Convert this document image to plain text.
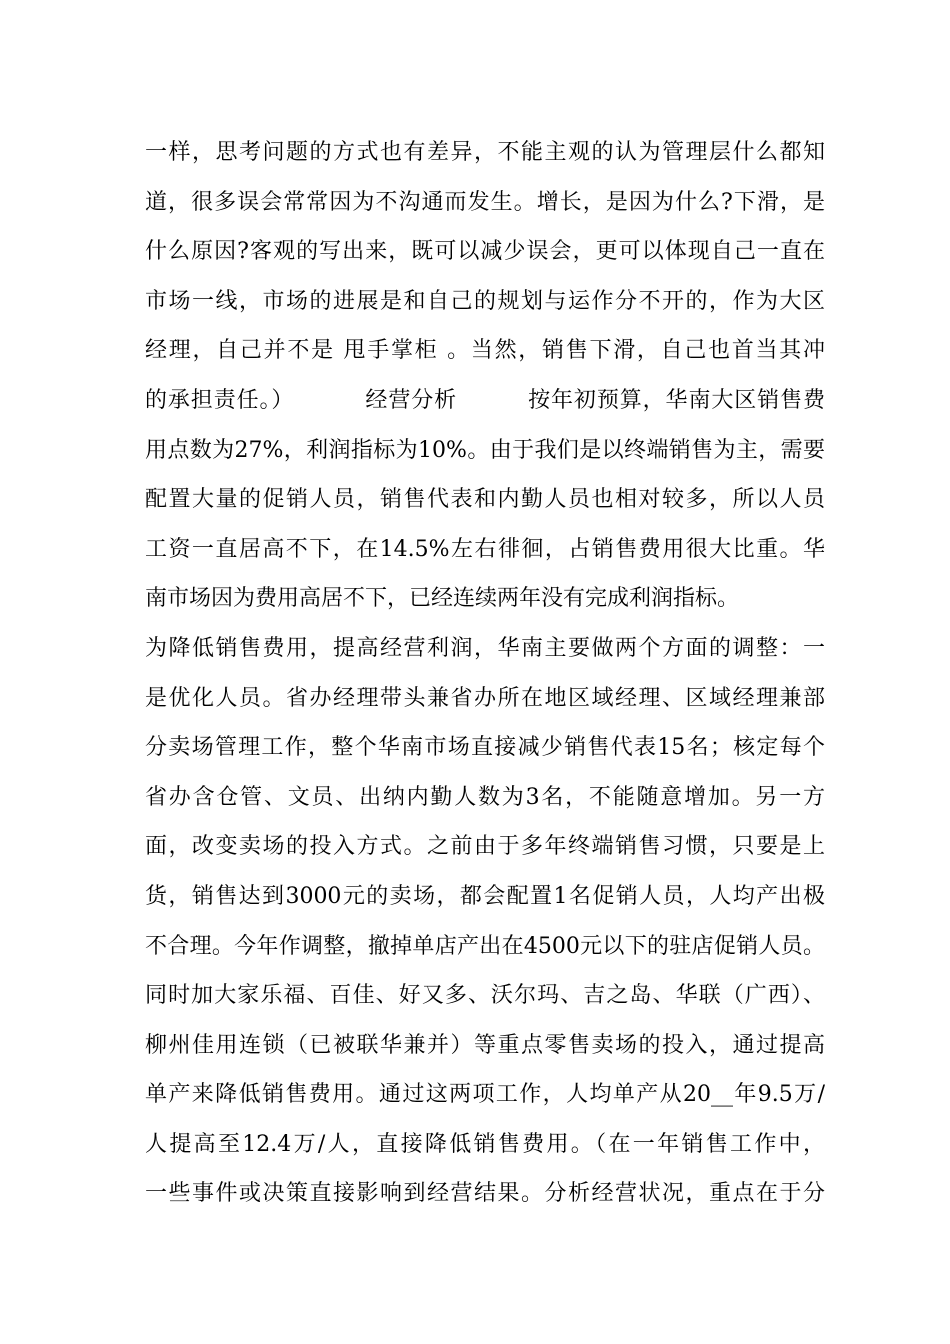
一样，思考问题的方式也有差异，不能主观的认为管理层什么都知
道，很多误会常常因为不沟通而发生。增长，是因为什么?下滑，是
什么原因?客观的写出来，既可以减少误会，更可以体现自己一直在
市场一线，市场的进展是和自己的规划与运作分不开的，作为大区
经理，自己并不是 甩手掌柜 。当然，销售下滑，自己也首当其冲
的承担责任。）         经营分析         按年初预算，华南大区销售费
用点数为27%，利润指标为10%。由于我们是以终端销售为主，需要
配置大量的促销人员，销售代表和内勤人员也相对较多，所以人员
工资一直居高不下，在14.5%左右徘徊，占销售费用很大比重。华
南市场因为费用高居不下，已经连续两年没有完成利润指标。
为降低销售费用，提高经营利润，华南主要做两个方面的调整：一
是优化人员。省办经理带头兼省办所在地区域经理、区域经理兼部
分卖场管理工作，整个华南市场直接减少销售代表15名；核定每个
省办含仓管、文员、出纳内勤人数为3名，不能随意增加。另一方
面，改变卖场的投入方式。之前由于多年终端销售习惯，只要是上
货，销售达到3000元的卖场，都会配置1名促销人员，人均产出极
不合理。今年作调整，撤掉单店产出在4500元以下的驻店促销人员。
同时加大家乐福、百佳、好又多、沃尔玛、吉之岛、华联（广西）、
柳州佳用连锁（已被联华兼并）等重点零售卖场的投入，通过提高
单产来降低销售费用。通过这两项工作，人均单产从20__年9.5万/
人提高至12.4万/人，直接降低销售费用。（在一年销售工作中，
一些事件或决策直接影响到经营结果。分析经营状况，重点在于分
